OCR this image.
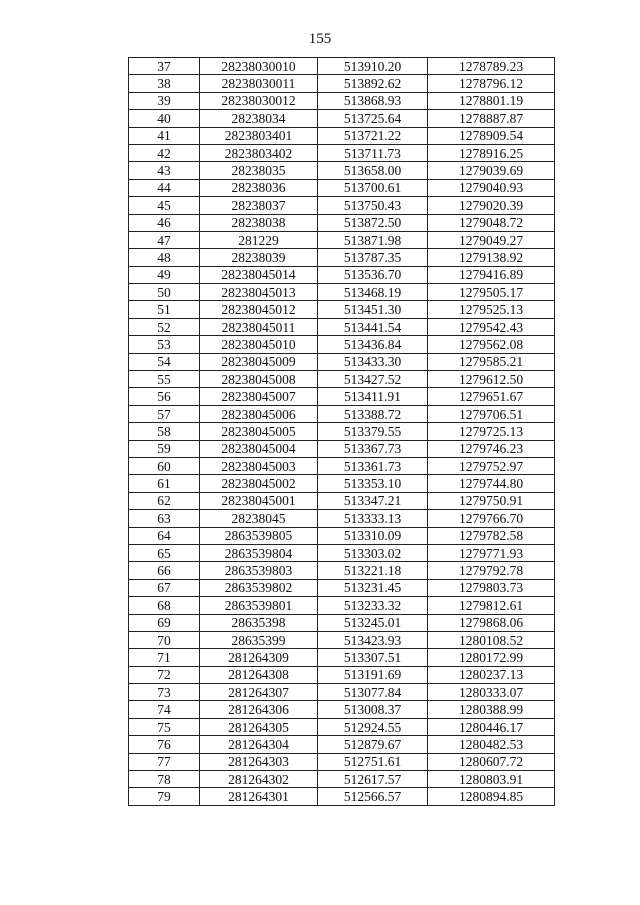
155
37	28238030010	513910.20	1278789.23
38	28238030011	513892.62	1278796.12
39	28238030012	513868.93	1278801.19
40	28238034	513725.64	1278887.87
41	2823803401	513721.22	1278909.54
42	2823803402	513711.73	1278916.25
43	28238035	513658.00	1279039.69
44	28238036	513700.61	1279040.93
45	28238037	513750.43	1279020.39
46	28238038	513872.50	1279048.72
47	281229	513871.98	1279049.27
48	28238039	513787.35	1279138.92
49	28238045014	513536.70	1279416.89
50	28238045013	513468.19	1279505.17
51	28238045012	513451.30	1279525.13
52	28238045011	513441.54	1279542.43
53	28238045010	513436.84	1279562.08
54	28238045009	513433.30	1279585.21
55	28238045008	513427.52	1279612.50
56	28238045007	513411.91	1279651.67
57	28238045006	513388.72	1279706.51
58	28238045005	513379.55	1279725.13
59	28238045004	513367.73	1279746.23
60	28238045003	513361.73	1279752.97
61	28238045002	513353.10	1279744.80
62	28238045001	513347.21	1279750.91
63	28238045	513333.13	1279766.70
64	2863539805	513310.09	1279782.58
65	2863539804	513303.02	1279771.93
66	2863539803	513221.18	1279792.78
67	2863539802	513231.45	1279803.73
68	2863539801	513233.32	1279812.61
69	28635398	513245.01	1279868.06
70	28635399	513423.93	1280108.52
71	281264309	513307.51	1280172.99
72	281264308	513191.69	1280237.13
73	281264307	513077.84	1280333.07
74	281264306	513008.37	1280388.99
75	281264305	512924.55	1280446.17
76	281264304	512879.67	1280482.53
77	281264303	512751.61	1280607.72
78	281264302	512617.57	1280803.91
79	281264301	512566.57	1280894.85
